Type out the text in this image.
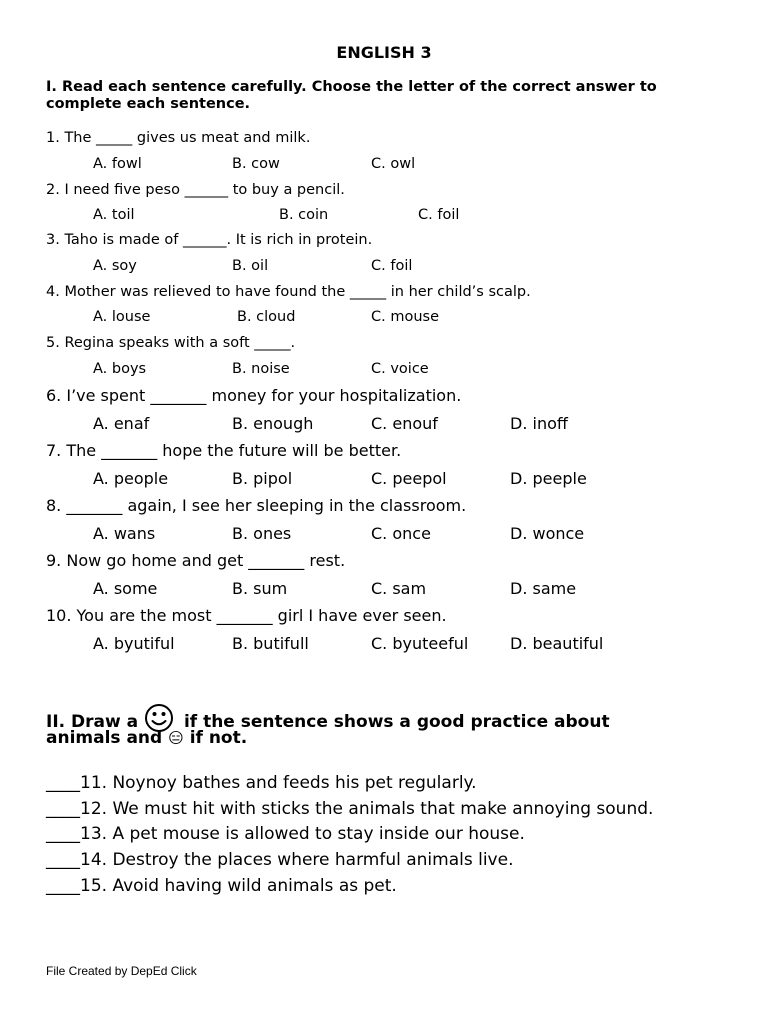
ENGLISH 3
I. Read each sentence carefully. Choose the letter of the correct answer to complete each sentence.
1. The _____ gives us meat and milk.
A. fowl	B. cow	C. owl
2. I need five peso ______ to buy a pencil.
A. toil	B. coin	C. foil
3. Taho is made of ______. It is rich in protein.
A. soy	B. oil	C. foil
4. Mother was relieved to have found the _____ in her child’s scalp.
A. louse	B. cloud	C. mouse
5. Regina speaks with a soft _____.
A. boys	B. noise	C. voice
6. I’ve spent _______ money for your hospitalization.
A. enaf	B. enough	C. enouf	D. inoff
7. The _______ hope the future will be better.
A. people	B. pipol	C. peepol	D. peeple
8. _______ again, I see her sleeping in the classroom.
A. wans	B. ones	C. once	D. wonce
9. Now go home and get _______ rest.
A. some	B. sum	C. sam	D. same
10. You are the most _______ girl I have ever seen.
A. byutiful	B. butifull	C. byuteeful	D. beautiful
II. Draw a	if the sentence shows a good practice about
animals and 😑 if not.
____11. Noynoy bathes and feeds his pet regularly.
____12. We must hit with sticks the animals that make annoying sound.
____13. A pet mouse is allowed to stay inside our house.
____14. Destroy the places where harmful animals live.
____15. Avoid having wild animals as pet.
File Created by DepEd Click
